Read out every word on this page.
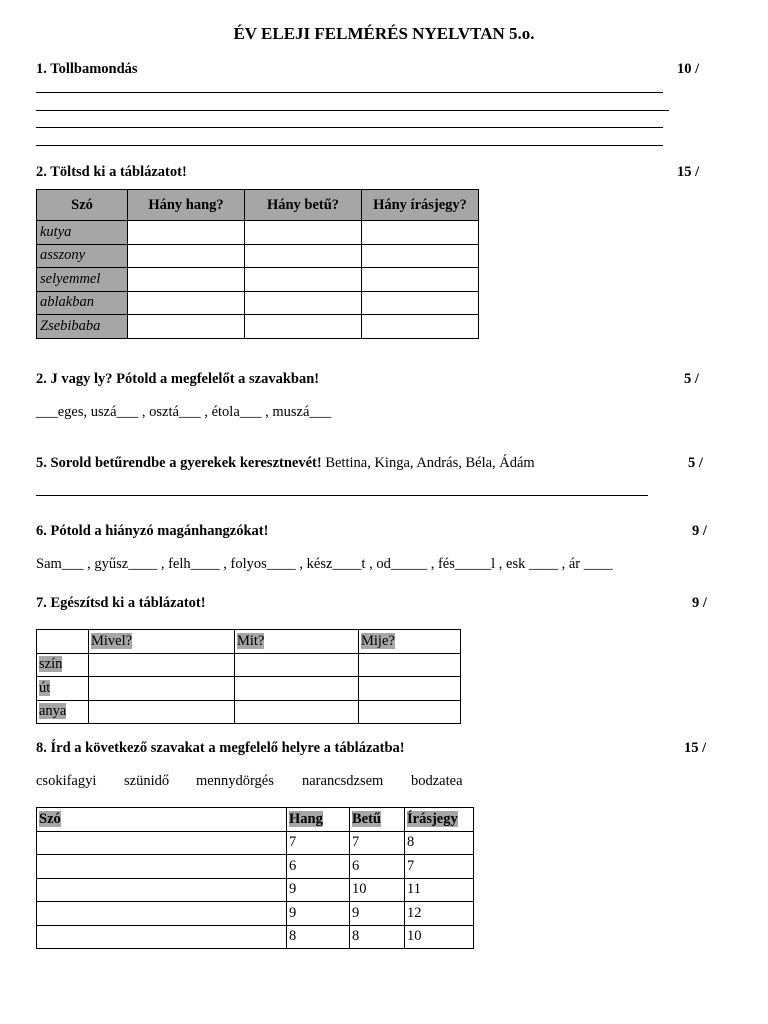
ÉV ELEJI FELMÉRÉS NYELVTAN 5.o.
1. Tollbamondás	10 /
2. Töltsd ki a táblázatot!	15 /
Szó	Hány hang?	Hány betű?	Hány írásjegy?
kutya			
asszony			
selyemmel			
ablakban			
Zsebibaba			
2. J vagy ly? Pótold a megfelelőt a szavakban!	5 /
___eges, uszá___ , osztá___ , étola___ , muszá___
5. Sorold betűrendbe a gyerekek keresztnevét! Bettina, Kinga, András, Béla, Ádám	5 /
6. Pótold a hiányzó magánhangzókat!	9 /
Sam___ , gyűsz____ , felh____ , folyos____ , kész____t , od_____ , fés_____l , esk ____ , ár ____
7. Egészítsd ki a táblázatot!	9 /
	Mivel?	Mit?	Mije?
szín			
út			
anya			
8. Írd a következő szavakat a megfelelő helyre a táblázatba!	15 /
csokifagyi szünidő mennydörgés narancsdzsem bodzatea
Szó	Hang	Betű	Írásjegy
	7	7	8
	6	6	7
	9	10	11
	9	9	12
	8	8	10
